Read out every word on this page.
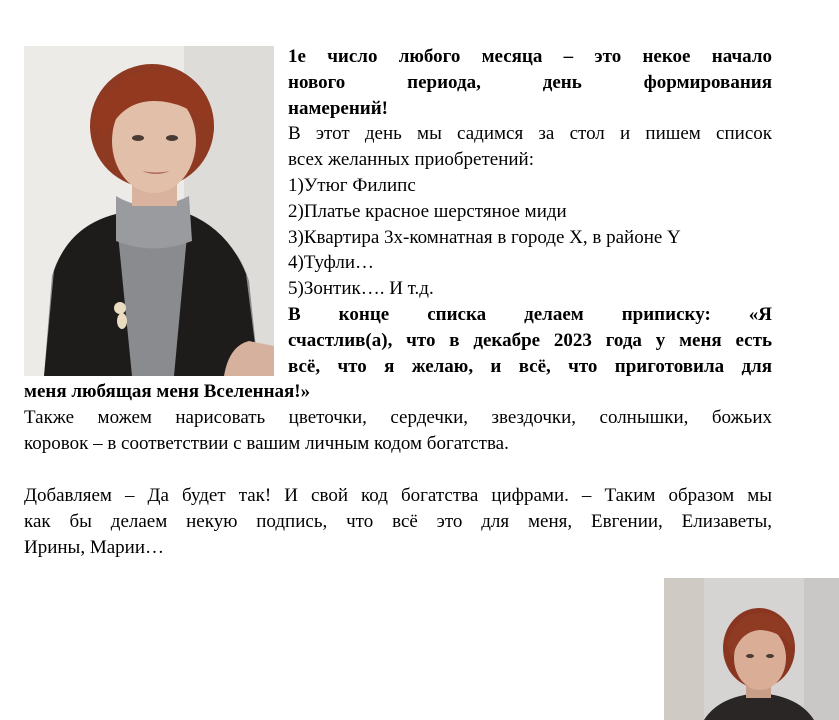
1е число любого месяца – это некое начало

нового периода, день формирования

намерений!

В этот день мы садимся за стол и пишем список

всех желанных приобретений:

1)Утюг Филипс

2)Платье красное шерстяное миди

3)Квартира 3х-комнатная в городе X, в районе Y

4)Туфли…

5)Зонтик…. И т.д.

В конце списка делаем приписку: «Я

счастлив(а), что в декабре 2023 года у меня есть

всё, что я желаю, и всё, что приготовила для

меня любящая меня Вселенная!»

Также можем нарисовать цветочки, сердечки, звездочки, солнышки, божьих

коровок – в соответствии с вашим личным кодом богатства.

Добавляем – Да будет так! И свой код богатства цифрами. – Таким образом мы

как бы делаем некую подпись, что всё это для меня, Евгении, Елизаветы,

Ирины, Марии…
